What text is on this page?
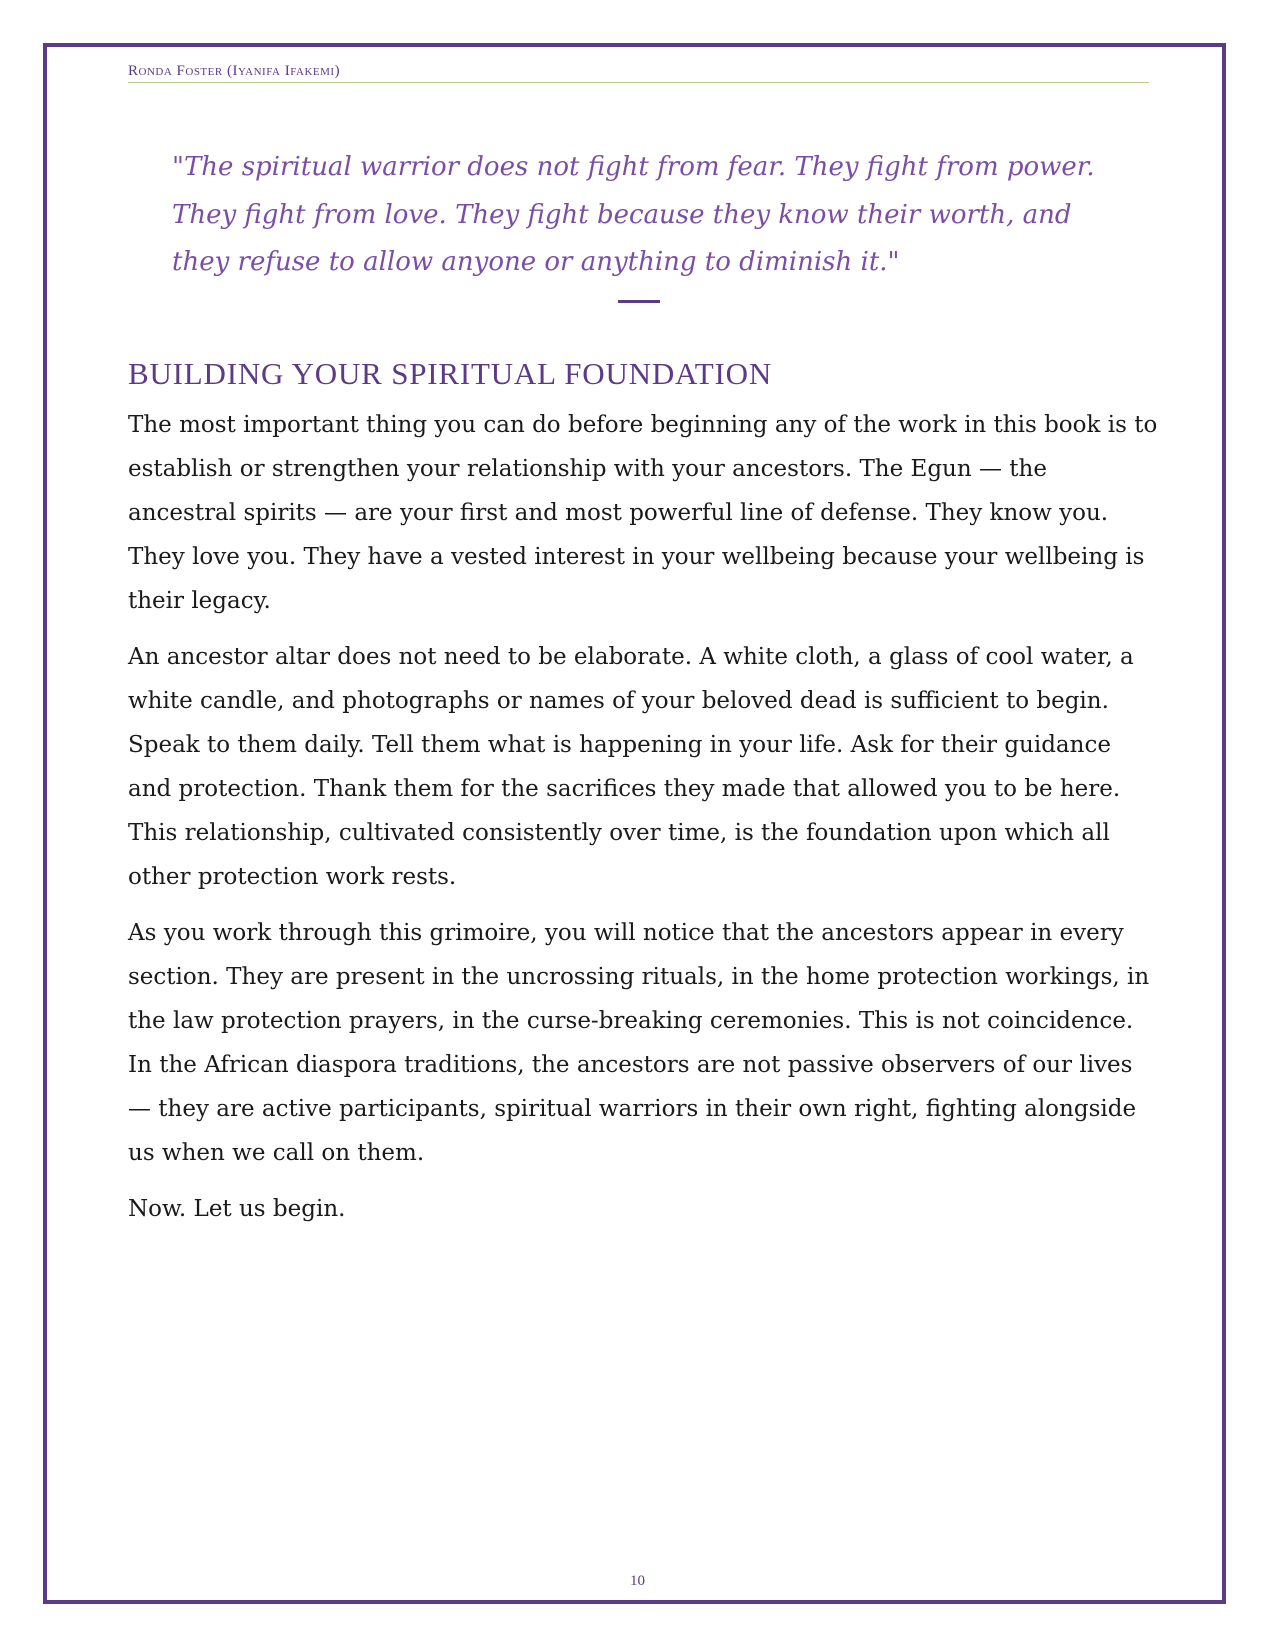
Ronda Foster (Iyanifa Ifakemi)

"The spiritual warrior does not fight from fear. They fight from power. They fight from love. They fight because they know their worth, and they refuse to allow anyone or anything to diminish it."

BUILDING YOUR SPIRITUAL FOUNDATION

The most important thing you can do before beginning any of the work in this book is to establish or strengthen your relationship with your ancestors. The Egun — the ancestral spirits — are your first and most powerful line of defense. They know you. They love you. They have a vested interest in your wellbeing because your wellbeing is their legacy.

An ancestor altar does not need to be elaborate. A white cloth, a glass of cool water, a white candle, and photographs or names of your beloved dead is sufficient to begin. Speak to them daily. Tell them what is happening in your life. Ask for their guidance and protection. Thank them for the sacrifices they made that allowed you to be here. This relationship, cultivated consistently over time, is the foundation upon which all other protection work rests.

As you work through this grimoire, you will notice that the ancestors appear in every section. They are present in the uncrossing rituals, in the home protection workings, in the law protection prayers, in the curse-breaking ceremonies. This is not coincidence. In the African diaspora traditions, the ancestors are not passive observers of our lives — they are active participants, spiritual warriors in their own right, fighting alongside us when we call on them.

Now. Let us begin.

10
